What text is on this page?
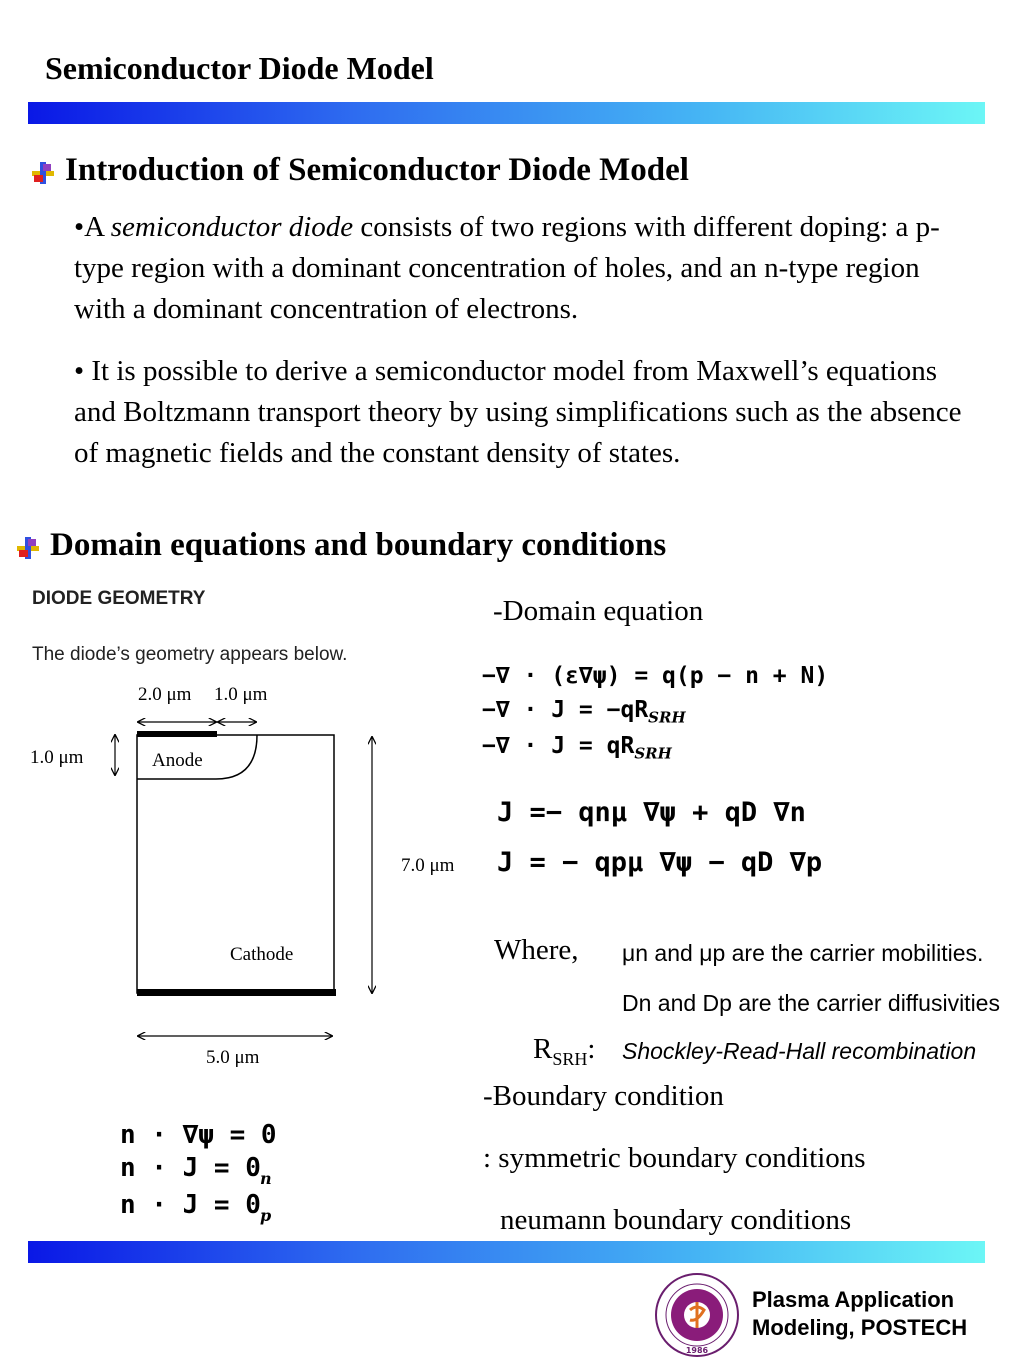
Semiconductor Diode Model
Introduction of Semiconductor Diode Model
•A semiconductor diode consists of two regions with different doping: a p-type region with a dominant concentration of holes, and an n-type region with a dominant concentration of electrons.
• It is possible to derive a semiconductor model from Maxwell’s equations and Boltzmann transport theory by using simplifications such as the absence of magnetic fields and the constant density of states.
Domain equations and boundary conditions
DIODE GEOMETRY
The diode’s geometry appears below.
2.0 μm 1.0 μm
1.0 μm	Anode
7.0 μm
Cathode
5.0 μm
n · ∇ψ = 0
n · J = 0 n
n · J = 0 p
-Domain equation
−∇ · (ε∇ψ) = q(p − n + N)
−∇ · $J = -qR_{SRH}$
−∇ · $J = qR_{SRH}$
J =− qnμ ∇ψ + qD ∇n
J = − qpμ ∇ψ − qD ∇p
Where, μn and μp are the carrier mobilities.
Dn and Dp are the carrier diffusivities
$R_{SRH}$: Shockley-Read-Hall recombination
-Boundary condition
: symmetric boundary conditions
neumann boundary conditions
1986
Plasma Application
Modeling, POSTECH
